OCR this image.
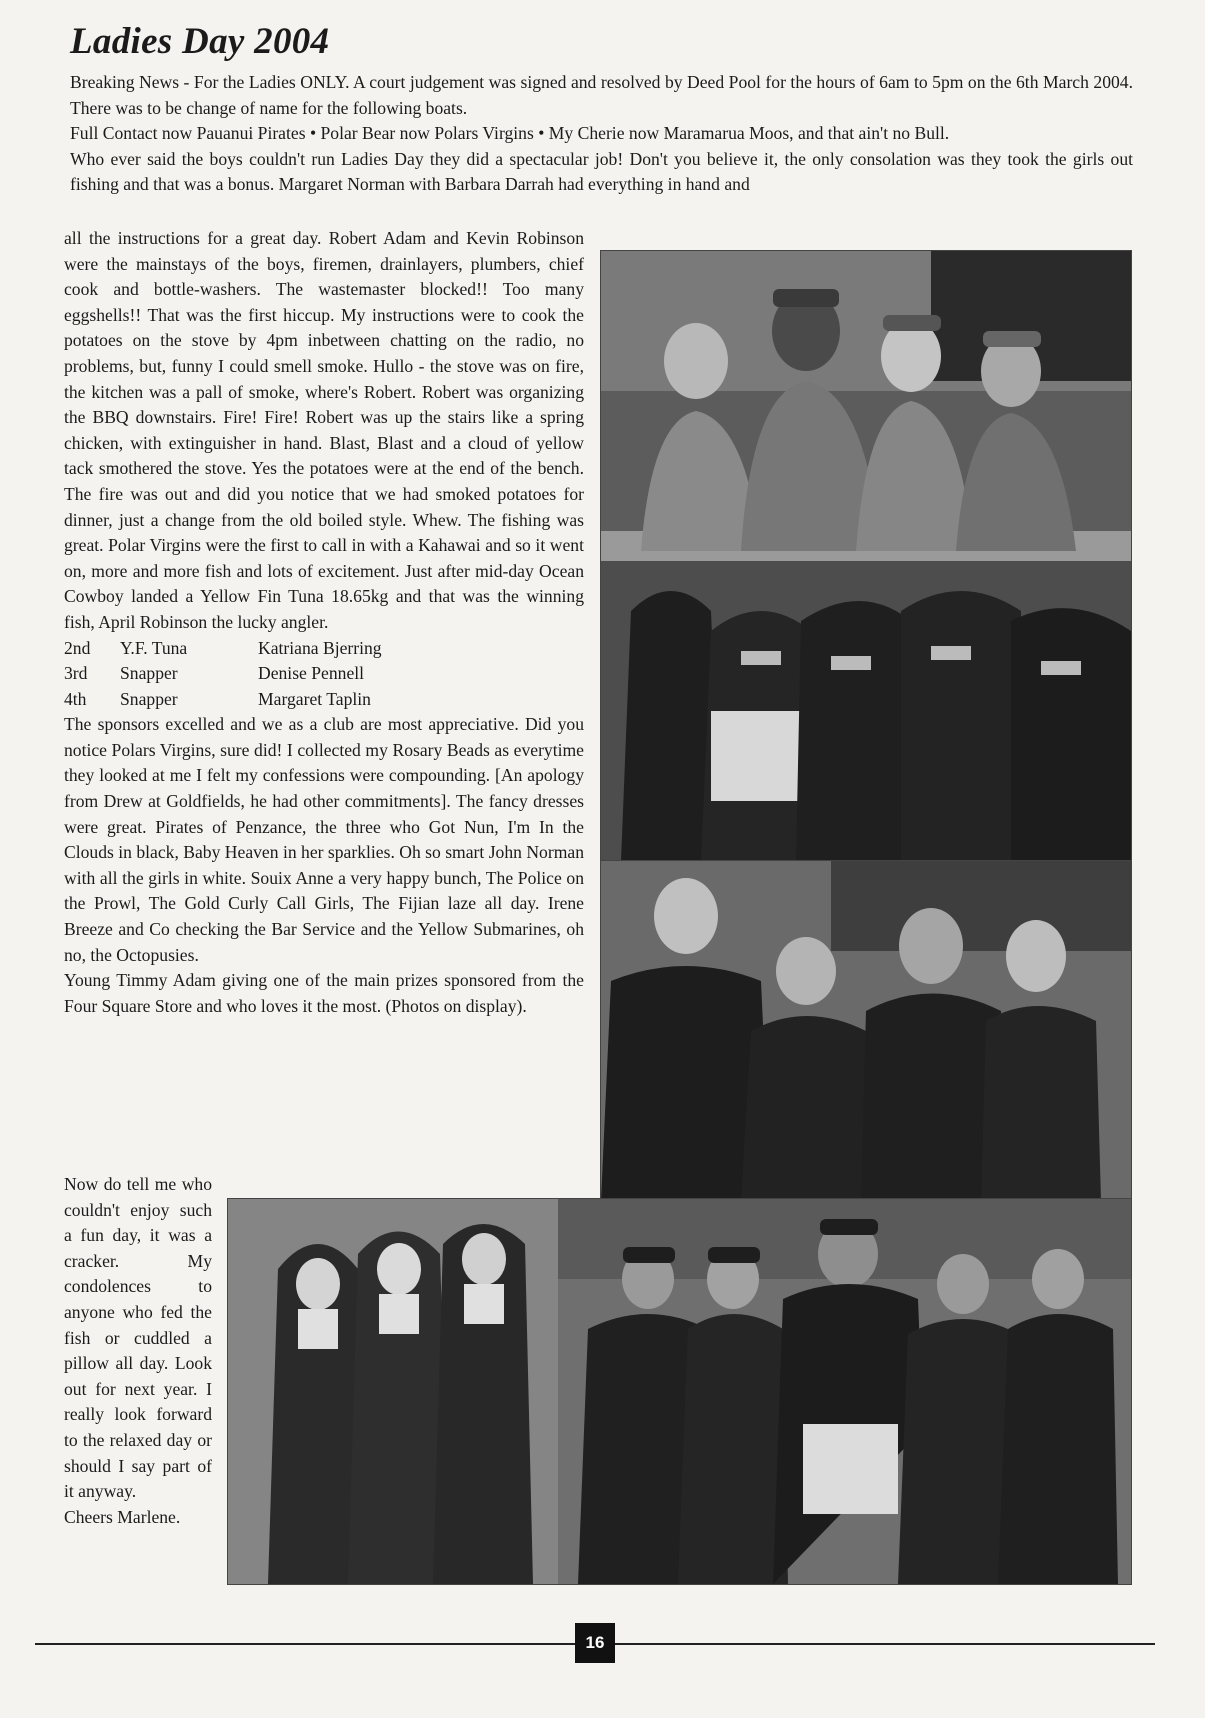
Ladies Day 2004

Breaking News - For the Ladies ONLY. A court judgement was signed and resolved by Deed Pool for the hours of 6am to 5pm on the 6th March 2004. There was to be change of name for the following boats.

Full Contact now Pauanui Pirates • Polar Bear now Polars Virgins • My Cherie now Maramarua Moos, and that ain't no Bull.

Who ever said the boys couldn't run Ladies Day they did a spectacular job! Don't you believe it, the only consolation was they took the girls out fishing and that was a bonus. Margaret Norman with Barbara Darrah had everything in hand and

all the instructions for a great day. Robert Adam and Kevin Robinson were the mainstays of the boys, firemen, drainlayers, plumbers, chief cook and bottle-washers. The wastemaster blocked!! Too many eggshells!! That was the first hiccup. My instructions were to cook the potatoes on the stove by 4pm inbetween chatting on the radio, no problems, but, funny I could smell smoke. Hullo - the stove was on fire, the kitchen was a pall of smoke, where's Robert. Robert was organizing the BBQ downstairs. Fire! Fire! Robert was up the stairs like a spring chicken, with extinguisher in hand. Blast, Blast and a cloud of yellow tack smothered the stove. Yes the potatoes were at the end of the bench. The fire was out and did you notice that we had smoked potatoes for dinner, just a change from the old boiled style. Whew. The fishing was great. Polar Virgins were the first to call in with a Kahawai and so it went on, more and more fish and lots of excitement. Just after mid-day Ocean Cowboy landed a Yellow Fin Tuna 18.65kg and that was the winning fish, April Robinson the lucky angler.

2nd	Y.F. Tuna	Katriana Bjerring
3rd	Snapper	Denise Pennell
4th	Snapper	Margaret Taplin

The sponsors excelled and we as a club are most appreciative. Did you notice Polars Virgins, sure did! I collected my Rosary Beads as everytime they looked at me I felt my confessions were compounding. [An apology from Drew at Goldfields, he had other commitments]. The fancy dresses were great. Pirates of Penzance, the three who Got Nun, I'm In the Clouds in black, Baby Heaven in her sparklies. Oh so smart John Norman with all the girls in white. Souix Anne a very happy bunch, The Police on the Prowl, The Gold Curly Call Girls, The Fijian laze all day. Irene Breeze and Co checking the Bar Service and the Yellow Submarines, oh no, the Octopusies.

Young Timmy Adam giving one of the main prizes sponsored from the Four Square Store and who loves it the most. (Photos on display).

Now do tell me who couldn't enjoy such a fun day, it was a cracker. My condolences to anyone who fed the fish or cuddled a pillow all day. Look out for next year. I really look forward to the relaxed day or should I say part of it anyway.

Cheers Marlene.

16
